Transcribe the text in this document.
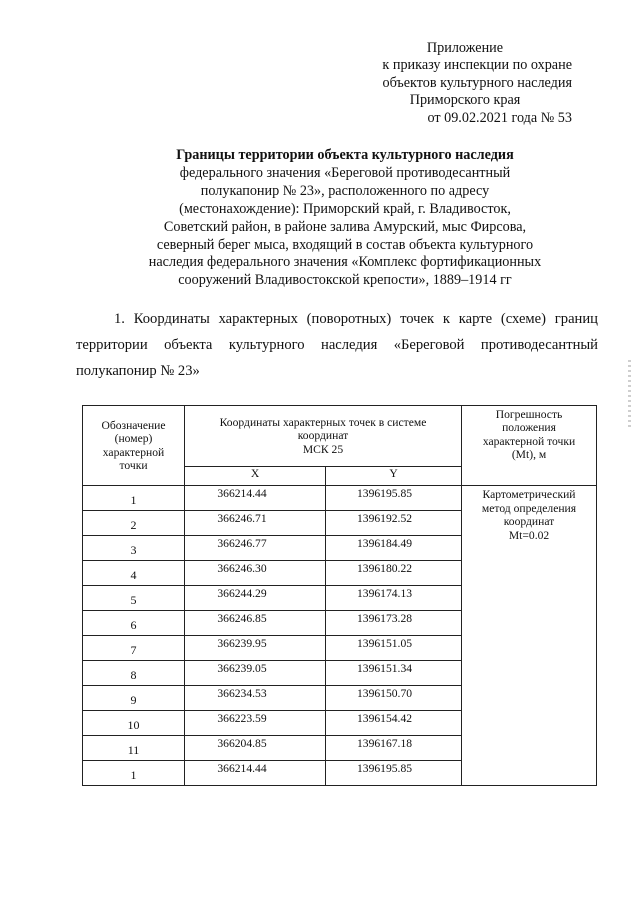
Приложение
к приказу инспекции по охране
объектов культурного наследия
Приморского края
от 09.02.2021 года № 53
Границы территории объекта культурного наследия
федерального значения «Береговой противодесантный
полукапонир № 23», расположенного по адресу
(местонахождение): Приморский край, г. Владивосток,
Советский район, в районе залива Амурский, мыс Фирсова,
северный берег мыса, входящий в состав объекта культурного
наследия федерального значения «Комплекс фортификационных
сооружений Владивостокской крепости», 1889–1914 гг
1. Координаты характерных (поворотных) точек к карте (схеме) границ
территории объекта культурного наследия «Береговой противодесантный
полукапонир № 23»
Обозначение
(номер)
характерной
точки	Координаты характерных точек в системе
координат
МСК 25		Погрешность
положения
характерной точки
(Mt), м

	X	Y	
1	366214.44	1396195.85	Картометрический
метод определения
координат
Mt=0.02

2	366246.71	1396192.52	
3	366246.77	1396184.49	
4	366246.30	1396180.22	
5	366244.29	1396174.13	
6	366246.85	1396173.28	
7	366239.95	1396151.05	
8	366239.05	1396151.34	
9	366234.53	1396150.70	
10	366223.59	1396154.42	
11	366204.85	1396167.18	
1	366214.44	1396195.85	
